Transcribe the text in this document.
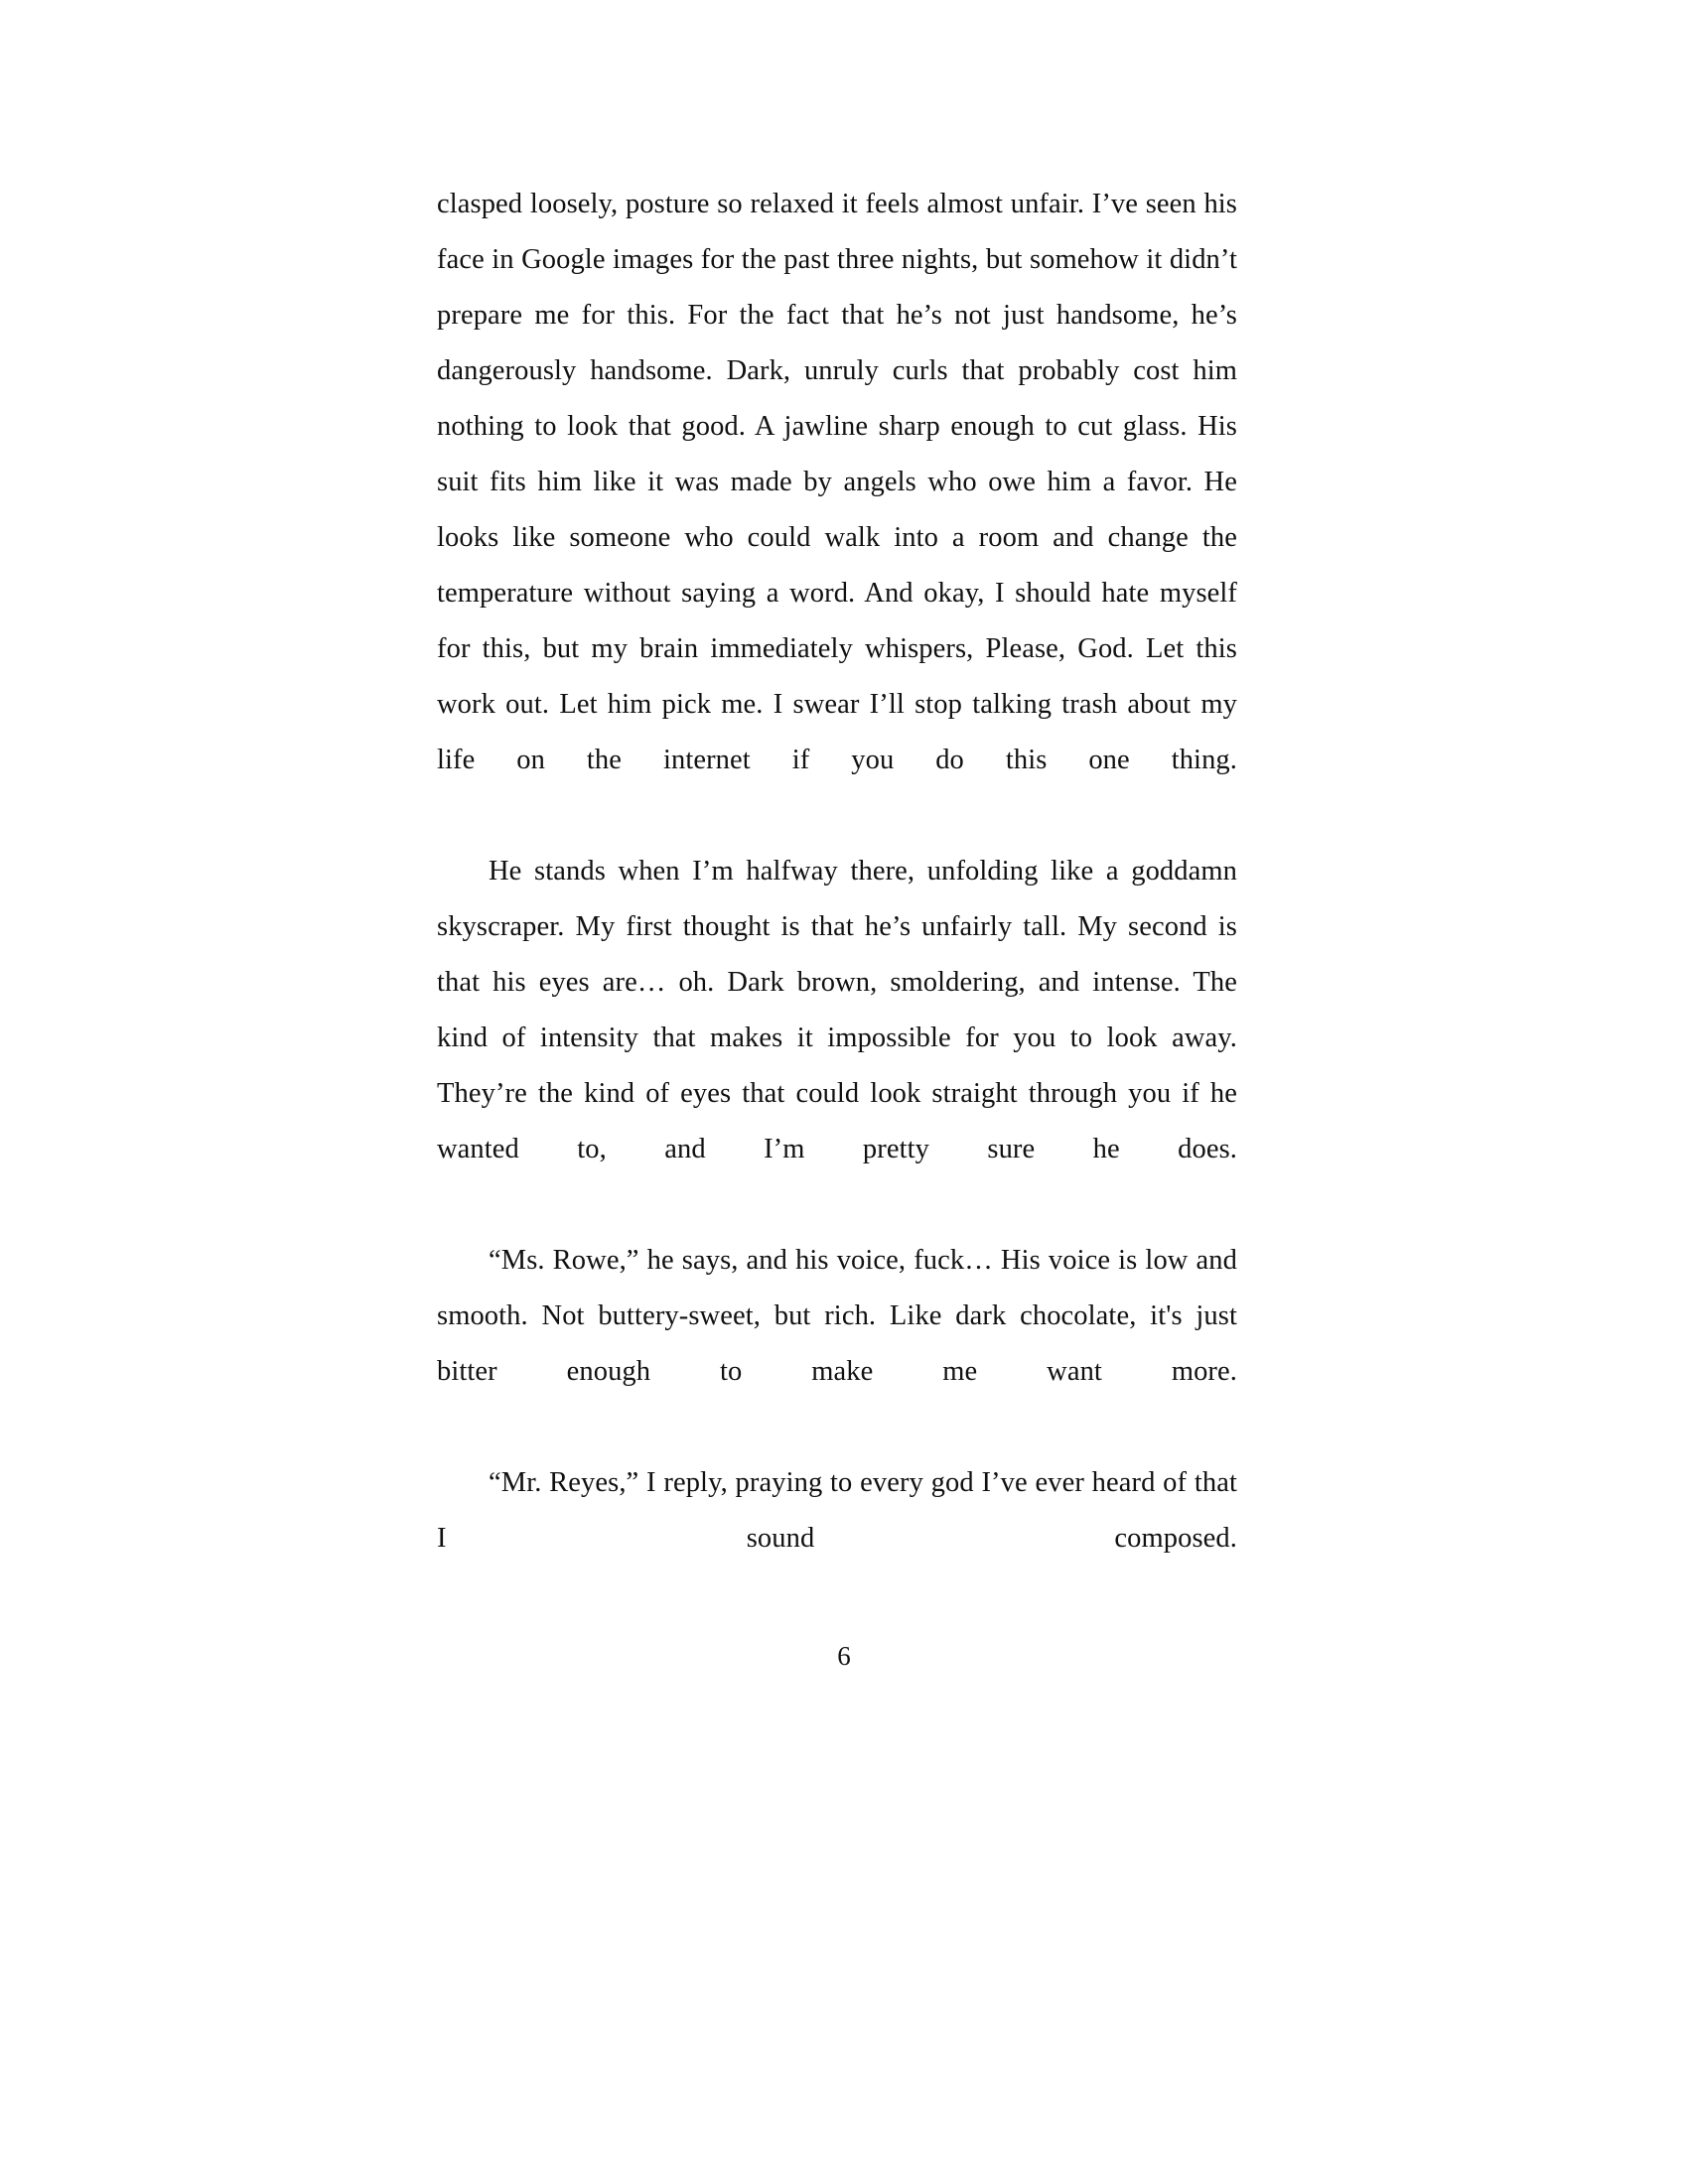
clasped loosely, posture so relaxed it feels almost unfair. I’ve seen his face in Google images for the past three nights, but somehow it didn’t prepare me for this. For the fact that he’s not just handsome, he’s dangerously handsome. Dark, unruly curls that probably cost him nothing to look that good. A jawline sharp enough to cut glass. His suit fits him like it was made by angels who owe him a favor. He looks like someone who could walk into a room and change the temperature without saying a word. And okay, I should hate myself for this, but my brain immediately whispers, Please, God. Let this work out. Let him pick me. I swear I’ll stop talking trash about my life on the internet if you do this one thing.

He stands when I’m halfway there, unfolding like a goddamn skyscraper. My first thought is that he’s unfairly tall. My second is that his eyes are… oh. Dark brown, smoldering, and intense. The kind of intensity that makes it impossible for you to look away. They’re the kind of eyes that could look straight through you if he wanted to, and I’m pretty sure he does.

“Ms. Rowe,” he says, and his voice, fuck… His voice is low and smooth. Not buttery-sweet, but rich. Like dark chocolate, it's just bitter enough to make me want more.

“Mr. Reyes,” I reply, praying to every god I’ve ever heard of that I sound composed.

6
